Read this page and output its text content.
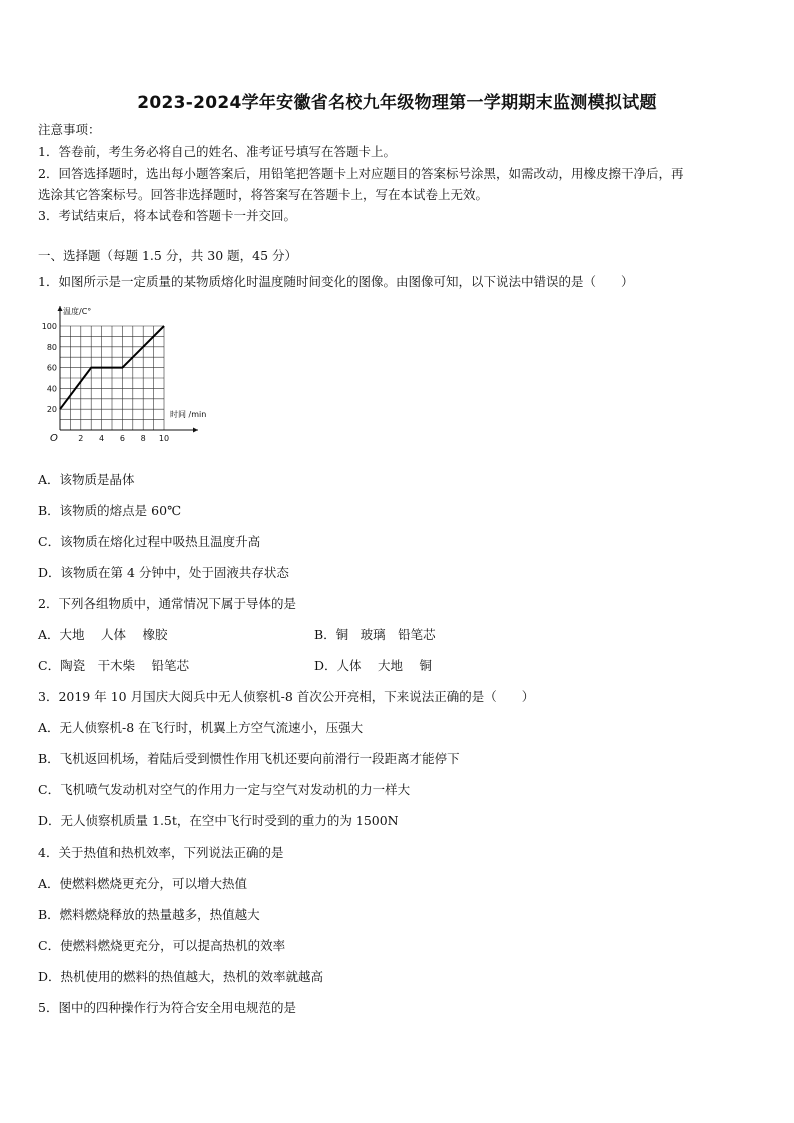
2023-2024学年安徽省名校九年级物理第一学期期末监测模拟试题
注意事项：
1．答卷前，考生务必将自己的姓名、准考证号填写在答题卡上。
2．回答选择题时，选出每小题答案后，用铅笔把答题卡上对应题目的答案标号涂黑，如需改动，用橡皮擦干净后，再
选涂其它答案标号。回答非选择题时，将答案写在答题卡上，写在本试卷上无效。
3．考试结束后，将本试卷和答题卡一并交回。
一、选择题（每题 1.5 分，共 30 题，45 分）
1．如图所示是一定质量的某物质熔化时温度随时间变化的图像。由图像可知，以下说法中错误的是（　　）
2 4 6 8 10
20
40
60
80
100
O
温度/C°
时间 /min
A．该物质是晶体
B．该物质的熔点是 60℃
C．该物质在熔化过程中吸热且温度升高
D．该物质在第 4 分钟中，处于固液共存状态
2．下列各组物质中，通常情况下属于导体的是
A．大地　 人体　 橡胶	B．铜　玻璃　铅笔芯
C．陶瓷　干木柴　 铅笔芯	D．人体　 大地　 铜
3．2019 年 10 月国庆大阅兵中无人侦察机-8 首次公开亮相，下来说法正确的是（　　）
A．无人侦察机-8 在飞行时，机翼上方空气流速小，压强大
B．飞机返回机场，着陆后受到惯性作用飞机还要向前滑行一段距离才能停下
C．飞机喷气发动机对空气的作用力一定与空气对发动机的力一样大
D．无人侦察机质量 1.5t，在空中飞行时受到的重力的为 1500N
4．关于热值和热机效率，下列说法正确的是
A．使燃料燃烧更充分，可以增大热值
B．燃料燃烧释放的热量越多，热值越大
C．使燃料燃烧更充分，可以提高热机的效率
D．热机使用的燃料的热值越大，热机的效率就越高
5．图中的四种操作行为符合安全用电规范的是
